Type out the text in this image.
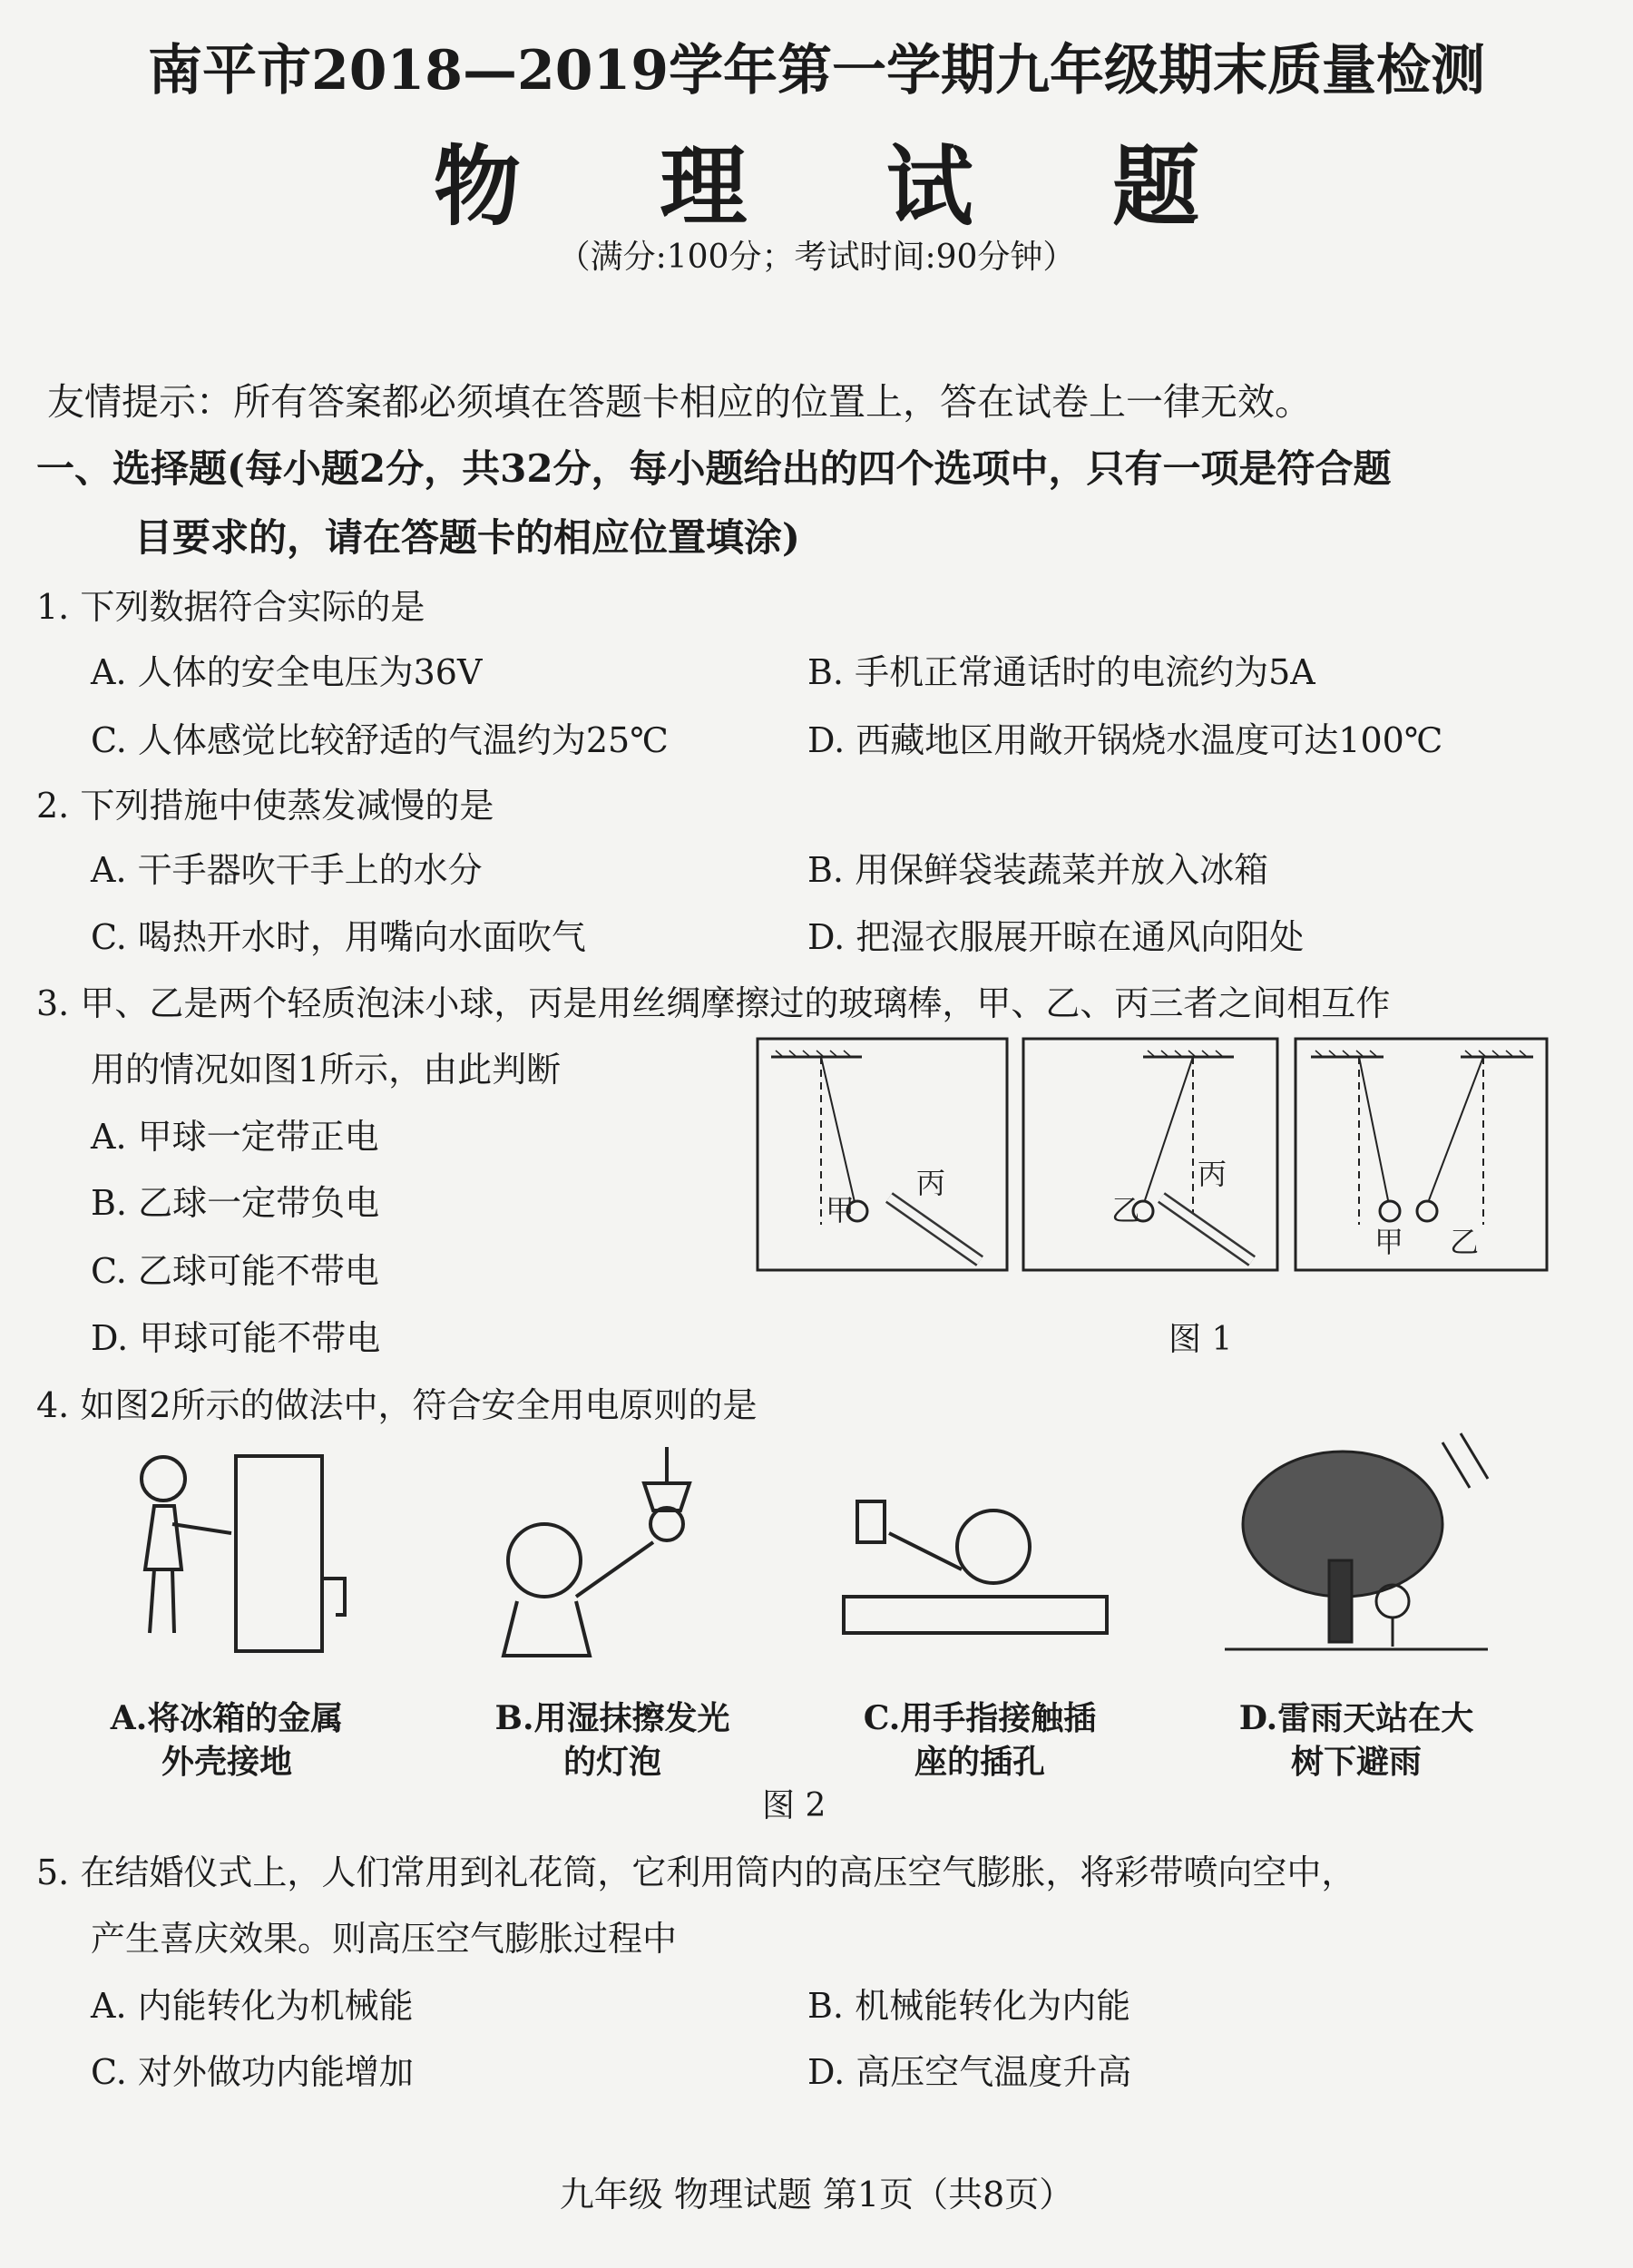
南平市2018—2019学年第一学期九年级期末质量检测
物 理 试 题
（满分:100分；考试时间:90分钟）
友情提示：所有答案都必须填在答题卡相应的位置上，答在试卷上一律无效。
一、选择题(每小题2分，共32分，每小题给出的四个选项中，只有一项是符合题
目要求的，请在答题卡的相应位置填涂)
1. 下列数据符合实际的是
A. 人体的安全电压为36V	B. 手机正常通话时的电流约为5A
C. 人体感觉比较舒适的气温约为25℃	D. 西藏地区用敞开锅烧水温度可达100℃
2. 下列措施中使蒸发减慢的是
A. 干手器吹干手上的水分	B. 用保鲜袋装蔬菜并放入冰箱
C. 喝热开水时，用嘴向水面吹气	D. 把湿衣服展开晾在通风向阳处
3. 甲、乙是两个轻质泡沫小球，丙是用丝绸摩擦过的玻璃棒，甲、乙、丙三者之间相互作
用的情况如图1所示，由此判断
A. 甲球一定带正电
B. 乙球一定带负电
C. 乙球可能不带电
D. 甲球可能不带电
甲
丙
乙
丙
甲 乙
图 1
4. 如图2所示的做法中，符合安全用电原则的是
A.将冰箱的金属
外壳接地
B.用湿抹擦发光
的灯泡
C.用手指接触插
座的插孔
D.雷雨天站在大
树下避雨
图 2
5. 在结婚仪式上，人们常用到礼花筒，它利用筒内的高压空气膨胀，将彩带喷向空中，
产生喜庆效果。则高压空气膨胀过程中
A. 内能转化为机械能	B. 机械能转化为内能
C. 对外做功内能增加	D. 高压空气温度升高
九年级 物理试题 第1页（共8页）
